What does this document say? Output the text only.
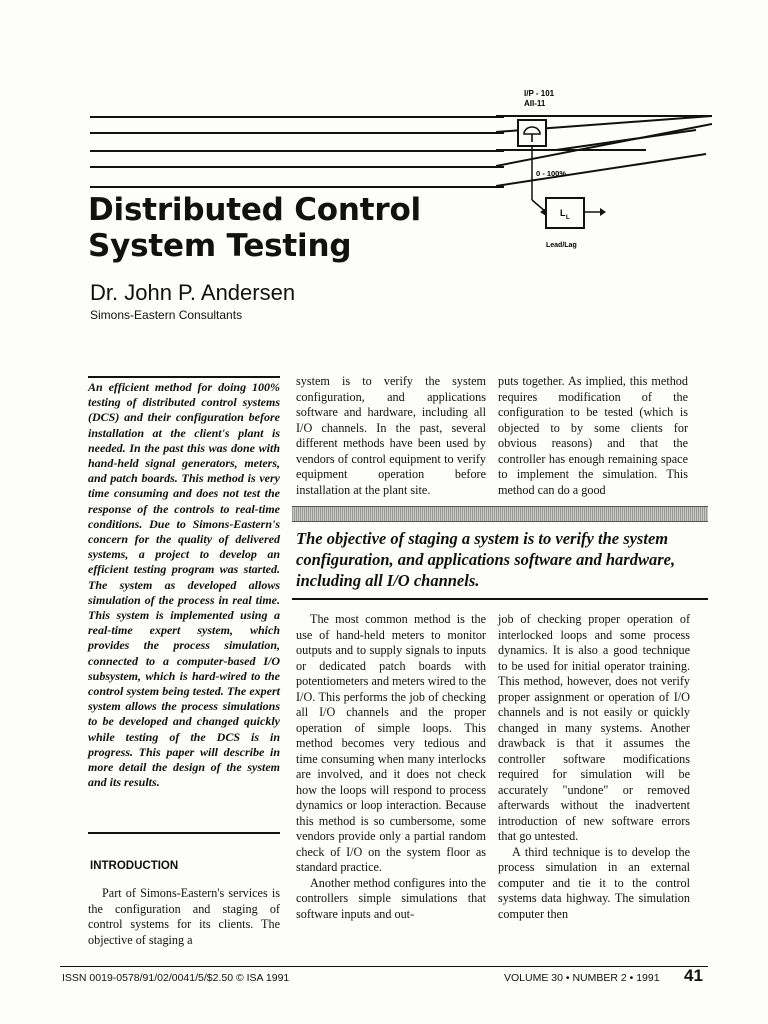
I/P - 101
AII-11
0 - 100%
L L
Lead/Lag
Distributed Control
System Testing
Dr. John P. Andersen
Simons-Eastern Consultants
An efficient method for doing 100% testing of distributed control systems (DCS) and their configuration before installation at the client's plant is needed. In the past this was done with hand-held signal generators, meters, and patch boards. This method is very time consuming and does not test the response of the controls to real-time conditions. Due to Simons-Eastern's concern for the quality of delivered systems, a project to develop an efficient testing program was started. The system as developed allows simulation of the process in real time. This system is implemented using a real-time expert system, which provides the process simulation, connected to a computer-based I/O subsystem, which is hard-wired to the control system being tested. The expert system allows the process simulations to be developed and changed quickly while testing of the DCS is in progress. This paper will describe in more detail the design of the system and its results.
INTRODUCTION

Part of Simons-Eastern's services is the configuration and staging of control systems for its clients. The objective of staging a

system is to verify the system configuration, and applications software and hardware, including all I/O channels. In the past, several different methods have been used by vendors of control equipment to verify equipment operation before installation at the plant site.

puts together. As implied, this method requires modification of the configuration to be tested (which is objected to by some clients for obvious reasons) and that the controller has enough remaining space to implement the simulation. This method can do a good

The objective of staging a system is to verify the system configuration, and applications software and hardware, including all I/O channels.

The most common method is the use of hand-held meters to monitor outputs and to supply signals to inputs or dedicated patch boards with potentiometers and meters wired to the I/O. This performs the job of checking all I/O channels and the proper operation of simple loops. This method becomes very tedious and time consuming when many interlocks are involved, and it does not check how the loops will respond to process dynamics or loop interaction. Because this method is so cumbersome, some vendors provide only a partial random check of I/O on the system floor as standard practice.

Another method configures into the controllers simple simulations that software inputs and out-

job of checking proper operation of interlocked loops and some process dynamics. It is also a good technique to be used for initial operator training. This method, however, does not verify proper assignment or operation of I/O channels and is not easily or quickly changed in many systems. Another drawback is that it assumes the controller software modifications required for simulation will be accurately "undone" or removed afterwards without the inadvertent introduction of new software errors that go untested.

A third technique is to develop the process simulation in an external computer and tie it to the control systems data highway. The simulation computer then

ISSN 0019-0578/91/02/0041/5/$2.50 © ISA 1991	VOLUME 30 • NUMBER 2 • 1991 41
